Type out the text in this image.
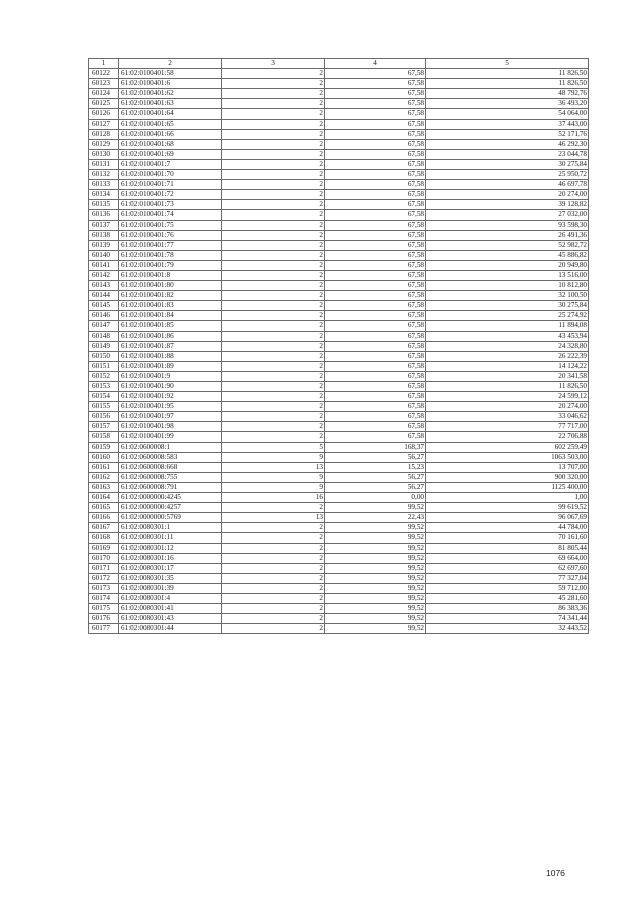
1	2	3	4	5
60122	61:02:0100401:58	2	67,58	11 826,50
60123	61:02:0100401:6	2	67,58	11 826,50
60124	61:02:0100401:62	2	67,58	48 792,76
60125	61:02:0100401:63	2	67,58	36 493,20
60126	61:02:0100401:64	2	67,58	54 064,00
60127	61:02:0100401:65	2	67,58	37 443,00
60128	61:02:0100401:66	2	67,58	52 171,76
60129	61:02:0100401:68	2	67,58	46 292,30
60130	61:02:0100401:69	2	67,58	23 044,78
60131	61:02:0100401:7	2	67,58	30 275,84
60132	61:02:0100401:70	2	67,58	25 950,72
60133	61:02:0100401:71	2	67,58	46 697,78
60134	61:02:0100401:72	2	67,58	20 274,00
60135	61:02:0100401:73	2	67,58	39 128,82
60136	61:02:0100401:74	2	67,58	27 032,00
60137	61:02:0100401:75	2	67,58	93 598,30
60138	61:02:0100401:76	2	67,58	26 491,36
60139	61:02:0100401:77	2	67,58	52 982,72
60140	61:02:0100401:78	2	67,58	45 886,82
60141	61:02:0100401:79	2	67,58	20 949,80
60142	61:02:0100401:8	2	67,58	13 516,00
60143	61:02:0100401:80	2	67,58	10 812,80
60144	61:02:0100401:82	2	67,58	32 100,50
60145	61:02:0100401:83	2	67,58	30 275,84
60146	61:02:0100401:84	2	67,58	25 274,92
60147	61:02:0100401:85	2	67,58	11 894,08
60148	61:02:0100401:86	2	67,58	43 453,94
60149	61:02:0100401:87	2	67,58	24 328,80
60150	61:02:0100401:88	2	67,58	26 222,39
60151	61:02:0100401:89	2	67,58	14 124,22
60152	61:02:0100401:9	2	67,58	20 341,58
60153	61:02:0100401:90	2	67,58	11 826,50
60154	61:02:0100401:92	2	67,58	24 599,12
60155	61:02:0100401:95	2	67,58	20 274,00
60156	61:02:0100401:97	2	67,58	33 046,62
60157	61:02:0100401:98	2	67,58	77 717,00
60158	61:02:0100401:99	2	67,58	22 706,88
60159	61:02:0600008:1	5	168,37	602 259,49
60160	61:02:0600008:583	9	56,27	1063 503,00
60161	61:02:0600008:668	13	15,23	13 707,00
60162	61:02:0600008:755	9	56,27	900 320,00
60163	61:02:0600008:791	9	56,27	1125 400,00
60164	61:02:0000000:4245	16	0,00	1,00
60165	61:02:0000000:4257	2	99,52	99 619,52
60166	61:02:0000000:5769	13	22,43	96 067,69
60167	61:02:0080301:1	2	99,52	44 784,00
60168	61:02:0080301:11	2	99,52	70 161,60
60169	61:02:0080301:12	2	99,52	81 805,44
60170	61:02:0080301:16	2	99,52	69 664,00
60171	61:02:0080301:17	2	99,52	62 697,60
60172	61:02:0080301:35	2	99,52	77 327,04
60173	61:02:0080301:39	2	99,52	59 712,00
60174	61:02:0080301:4	2	99,52	45 281,60
60175	61:02:0080301:41	2	99,52	86 383,36
60176	61:02:0080301:43	2	99,52	74 341,44
60177	61:02:0080301:44	2	99,52	32 443,52
1076
